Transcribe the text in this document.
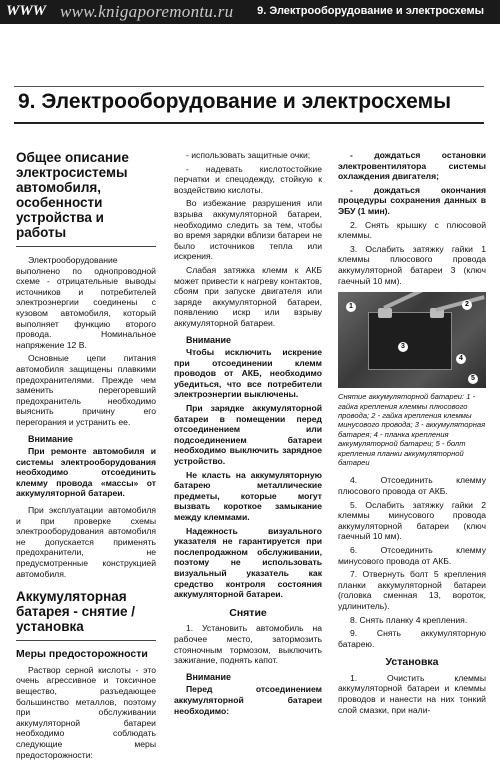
WWW www.knigaporemontu.ru 9. Электрооборудование и электросхемы
9. Электрооборудование и электросхемы
Общее описание электросистемы автомобиля, особенности устройства и работы

Электрооборудование выполнено по однопроводной схеме - отрицательные выводы источников и потребителей электроэнергии соединены с кузовом автомобиля, который выполняет функцию второго провода. Номинальное напряжение 12 В.

Основные цепи питания автомобиля защищены плавкими предохранителями. Прежде чем заменить перегоревший предохранитель необходимо выяснить причину его перегорания и устранить ее.

Внимание

При ремонте автомобиля и системы электрооборудования необходимо отсоединить клемму провода «массы» от аккумуляторной батареи.

При эксплуатации автомобиля и при проверке схемы электрооборудования автомобиля не допускается применять предохранители, не предусмотренные конструкцией автомобиля.

Аккумуляторная батарея - снятие / установка
Меры предосторожности

Раствор серной кислоты - это очень агрессивное и токсичное вещество, разъедающее большинство металлов, поэтому при обслуживании аккумуляторной батареи необходимо соблюдать следующие меры предосторожности:

- использовать защитные очки;

- надевать кислотостойкие перчатки и спецодежду, стойкую к воздействию кислоты.

Во избежание разрушения или взрыва аккумуляторной батареи, необходимо следить за тем, чтобы во время зарядки вблизи батареи не было источников тепла или искрения.

Слабая затяжка клемм к АКБ может привести к нагреву контактов, сбоям при запуске двигателя или заряде аккумуляторной батареи, появлению искр или взрыву аккумуляторной батареи.

Внимание

Чтобы исключить искрение при отсоединении клемм проводов от АКБ, необходимо убедиться, что все потребители электроэнергии выключены.

При зарядке аккумуляторной батареи в помещении перед отсоединением или подсоединением батареи необходимо выключить зарядное устройство.

Не класть на аккумуляторную батарею металлические предметы, которые могут вызвать короткое замыкание между клеммами.

Надежность визуального указателя не гарантируется при послепродажном обслуживании, поэтому не использовать визуальный указатель как средство контроля состояния аккумуляторной батареи.

Снятие

1. Установить автомобиль на рабочее место, затормозить стояночным тормозом, выключить зажигание, поднять капот.

Внимание

Перед отсоединением аккумуляторной батареи необходимо:

- дождаться остановки электровентилятора системы охлаждения двигателя;

- дождаться окончания процедуры сохранения данных в ЭБУ (1 мин).

2. Снять крышку с плюсовой клеммы.

3. Ослабить затяжку гайки 1 клеммы плюсового провода аккумуляторной батареи 3 (ключ гаечный 10 мм).

1	2
3
4
5
Снятие аккумуляторной батареи: 1 - гайка крепления клеммы плюсового провода; 2 - гайка крепления клеммы минусового провода; 3 - аккумуляторная батарея; 4 - планка крепления аккумуляторной батареи; 5 - болт крепления планки аккумуляторной батареи

4. Отсоединить клемму плюсового провода от АКБ.

5. Ослабить затяжку гайки 2 клеммы минусового провода аккумуляторной батареи (ключ гаечный 10 мм).

6. Отсоединить клемму минусового провода от АКБ.

7. Отвернуть болт 5 крепления планки аккумуляторной батареи (головка сменная 13, вороток, удлинитель).

8. Снять планку 4 крепления.

9. Снять аккумуляторную батарею.

Установка

1. Очистить клеммы аккумуляторной батареи и клеммы проводов и нанести на них тонкий слой смазки, при нали-
